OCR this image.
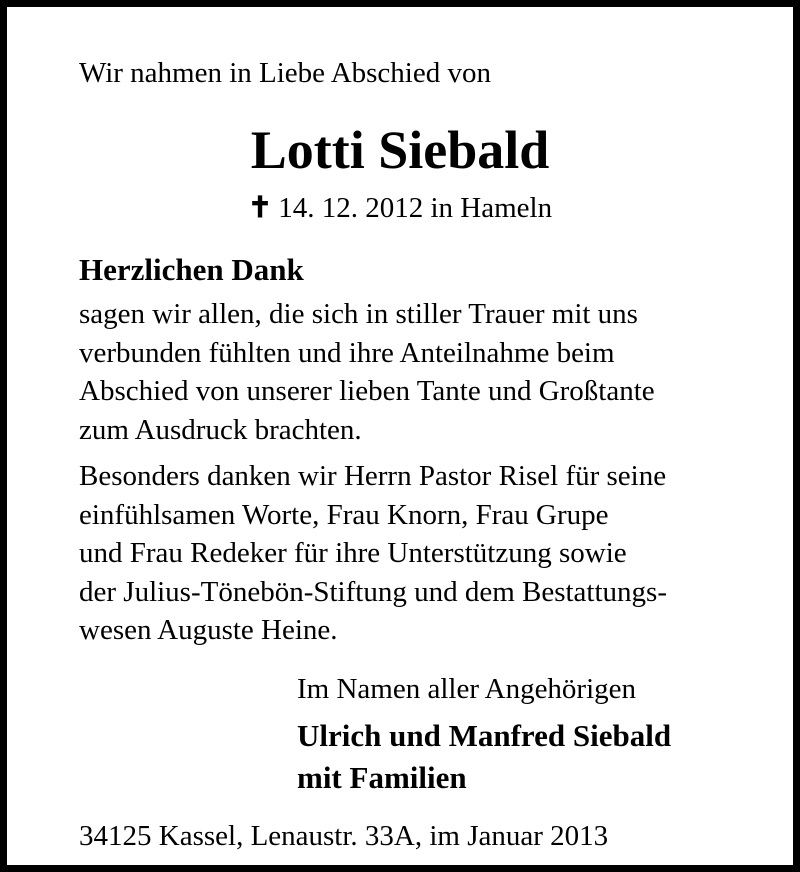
Wir nahmen in Liebe Abschied von
Lotti Siebald
✝ 14. 12. 2012 in Hameln
Herzlichen Dank
sagen wir allen, die sich in stiller Trauer mit uns
verbunden fühlten und ihre Anteilnahme beim
Abschied von unserer lieben Tante und Großtante
zum Ausdruck brachten.
Besonders danken wir Herrn Pastor Risel für seine
einfühlsamen Worte, Frau Knorn, Frau Grupe
und Frau Redeker für ihre Unterstützung sowie
der Julius-Tönebön-Stiftung und dem Bestattungs-
wesen Auguste Heine.
Im Namen aller Angehörigen
Ulrich und Manfred Siebald
mit Familien
34125 Kassel, Lenaustr. 33A, im Januar 2013
